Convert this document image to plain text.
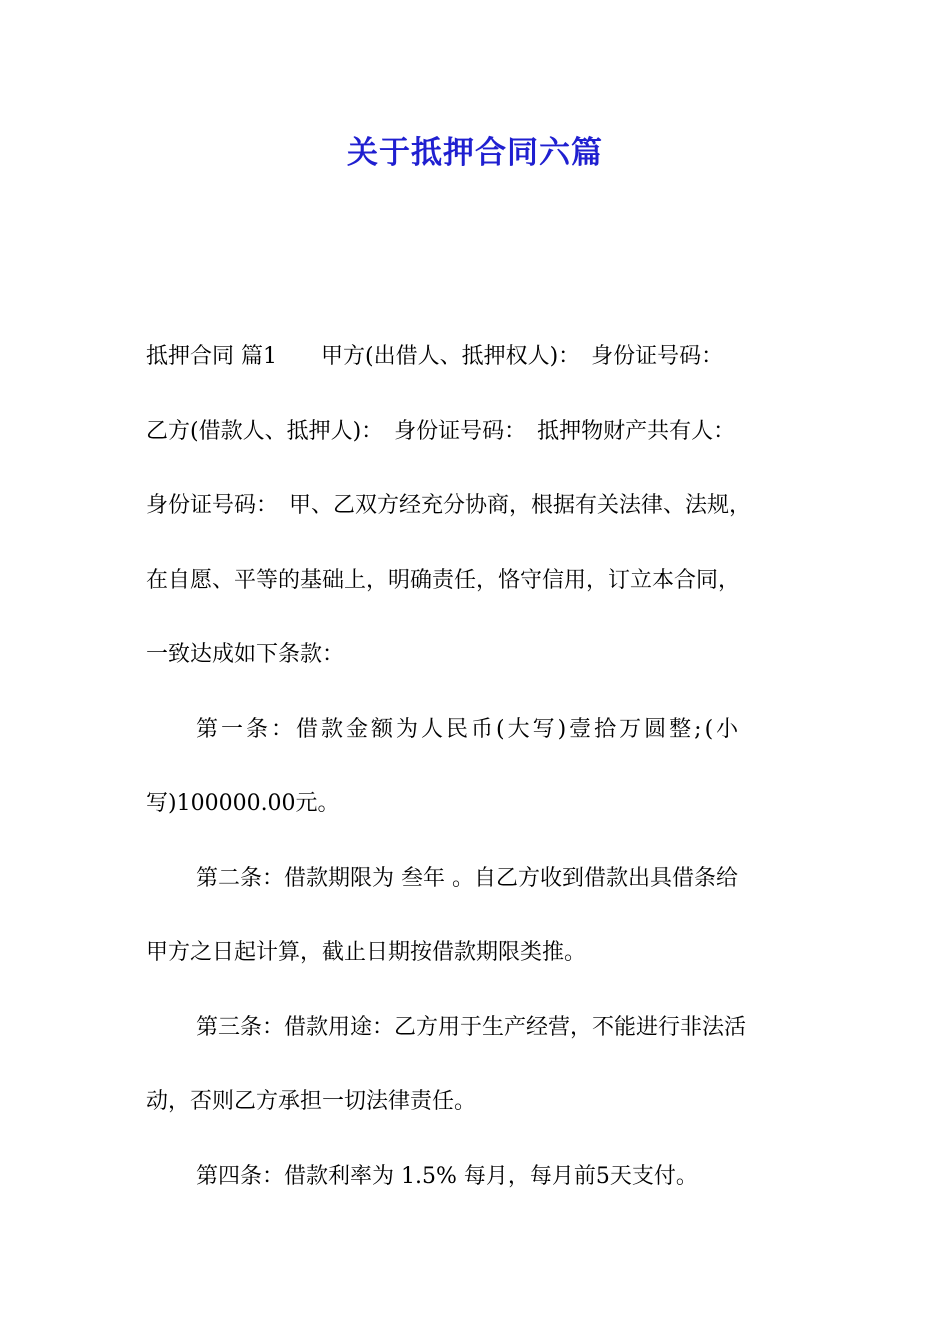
关于抵押合同六篇
抵押合同 篇1　　甲方(出借人、抵押权人)：　身份证号码：
乙方(借款人、抵押人)：　身份证号码：　抵押物财产共有人：
身份证号码：　甲、乙双方经充分协商，根据有关法律、法规，
在自愿、平等的基础上，明确责任，恪守信用，订立本合同，
一致达成如下条款：
第一条：借款金额为人民币(大写)壹拾万圆整;(小
写)100000.00元。
第二条：借款期限为 叁年 。自乙方收到借款出具借条给
甲方之日起计算，截止日期按借款期限类推。
第三条：借款用途：乙方用于生产经营，不能进行非法活
动，否则乙方承担一切法律责任。
第四条：借款利率为 1.5% 每月，每月前5天支付。
